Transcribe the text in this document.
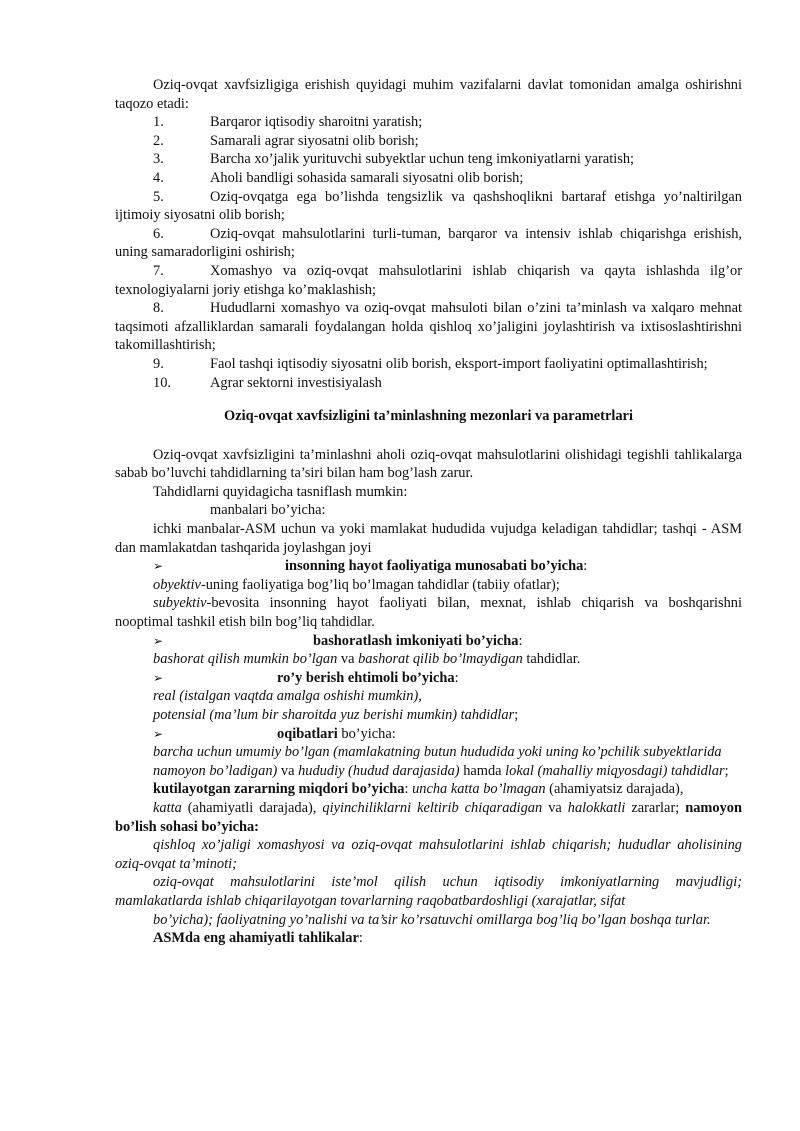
Oziq-ovqat xavfsizligiga erishish quyidagi muhim vazifalarni davlat tomonidan amalga oshirishni taqozo etadi:

1.	Barqaror iqtisodiy sharoitni yaratish;
2.	Samarali agrar siyosatni olib borish;
3.	Barcha xo’jalik yurituvchi subyektlar uchun teng imkoniyatlarni yaratish;
4.	Aholi bandligi sohasida samarali siyosatni olib borish;

5.	Oziq-ovqatga ega bo’lishda tengsizlik va qashshoqlikni bartaraf etishga yo’naltirilgan ijtimoiy siyosatni olib borish;

6.	Oziq-ovqat mahsulotlarini turli-tuman, barqaror va intensiv ishlab chiqarishga erishish, uning samaradorligini oshirish;

7.	Xomashyo va oziq-ovqat mahsulotlarini ishlab chiqarish va qayta ishlashda ilg’or texnologiyalarni joriy etishga ko’maklashish;

8.	Hududlarni xomashyo va oziq-ovqat mahsuloti bilan o’zini ta’minlash va xalqaro mehnat taqsimoti afzalliklardan samarali foydalangan holda qishloq xo’jaligini joylashtirish va ixtisoslashtirishni takomillashtirish;

9.	Faol tashqi iqtisodiy siyosatni olib borish, eksport-import faoliyatini optimallashtirish;

10.	Agrar sektorni investisiyalash

Oziq-ovqat xavfsizligini ta’minlashning mezonlari va parametrlari

Oziq-ovqat xavfsizligini ta’minlashni aholi oziq-ovqat mahsulotlarini olishidagi tegishli tahlikalarga sabab bo’luvchi tahdidlarning ta’siri bilan ham bog’lash zarur.

Tahdidlarni quyidagicha tasniflash mumkin:

manbalari bo’yicha:

ichki manbalar-ASM uchun va yoki mamlakat hududida vujudga keladigan tahdidlar; tashqi - ASM dan mamlakatdan tashqarida joylashgan joyi

➢	insonning hayot faoliyatiga munosabati bo’yicha:

obyektiv-uning faoliyatiga bog’liq bo’lmagan tahdidlar (tabiiy ofatlar);

subyektiv-bevosita insonning hayot faoliyati bilan, mexnat, ishlab chiqarish va boshqarishni nooptimal tashkil etish biln bog’liq tahdidlar.

➢	bashoratlash imkoniyati bo’yicha:

bashorat qilish mumkin bo’lgan va bashorat qilib bo’lmaydigan tahdidlar.

➢	ro’y berish ehtimoli bo’yicha:

real (istalgan vaqtda amalga oshishi mumkin),

potensial (ma’lum bir sharoitda yuz berishi mumkin) tahdidlar;

➢	oqibatlari bo’yicha:

barcha uchun umumiy bo’lgan (mamlakatning butun hududida yoki uning ko’pchilik subyektlarida

namoyon bo’ladigan) va hududiy (hudud darajasida) hamda lokal (mahalliy miqyosdagi) tahdidlar;

kutilayotgan zararning miqdori bo’yicha: uncha katta bo’lmagan (ahamiyatsiz darajada),

katta (ahamiyatli darajada), qiyinchiliklarni keltirib chiqaradigan va halokkatli zararlar; namoyon bo’lish sohasi bo’yicha:

qishloq xo’jaligi xomashyosi va oziq-ovqat mahsulotlarini ishlab chiqarish; hududlar aholisining oziq-ovqat ta’minoti;

oziq-ovqat mahsulotlarini iste’mol qilish uchun iqtisodiy imkoniyatlarning mavjudligi; mamlakatlarda ishlab chiqarilayotgan tovarlarning raqobatbardoshligi (xarajatlar, sifat

bo’yicha); faoliyatning yo’nalishi va ta’sir ko’rsatuvchi omillarga bog’liq bo’lgan boshqa turlar.

ASMda eng ahamiyatli tahlikalar:
